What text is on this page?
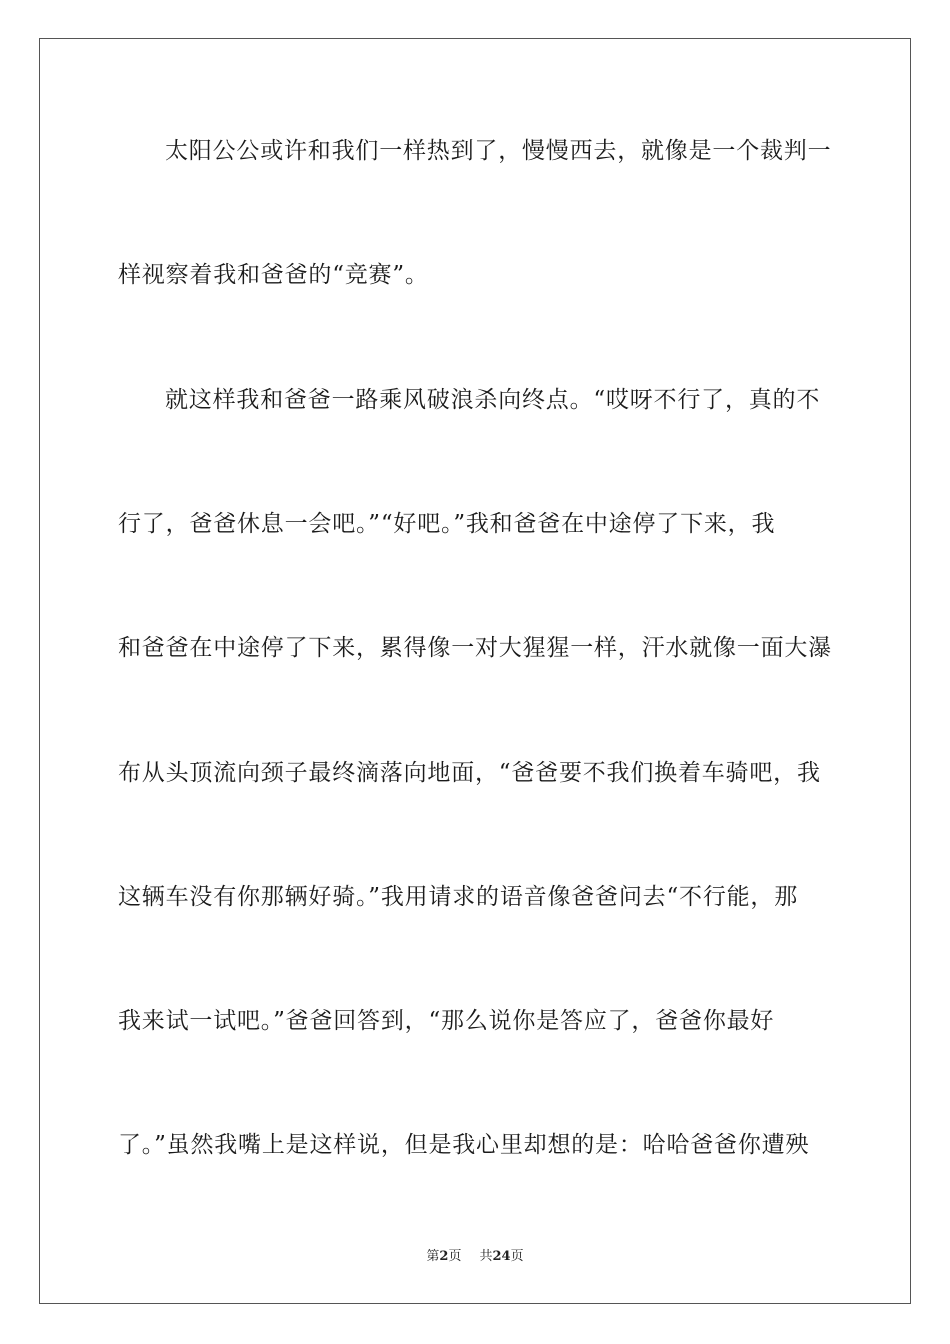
太阳公公或许和我们一样热到了，慢慢西去，就像是一个裁判一
样视察着我和爸爸的“竞赛”。
就这样我和爸爸一路乘风破浪杀向终点。“哎呀不行了，真的不
行了，爸爸休息一会吧。”“好吧。”我和爸爸在中途停了下来，我
和爸爸在中途停了下来，累得像一对大猩猩一样，汗水就像一面大瀑
布从头顶流向颈子最终滴落向地面，“爸爸要不我们换着车骑吧，我
这辆车没有你那辆好骑。”我用请求的语音像爸爸问去“不行能，那
我来试一试吧。”爸爸回答到，“那么说你是答应了，爸爸你最好
了。”虽然我嘴上是这样说，但是我心里却想的是：哈哈爸爸你遭殃
第2页 共24页
